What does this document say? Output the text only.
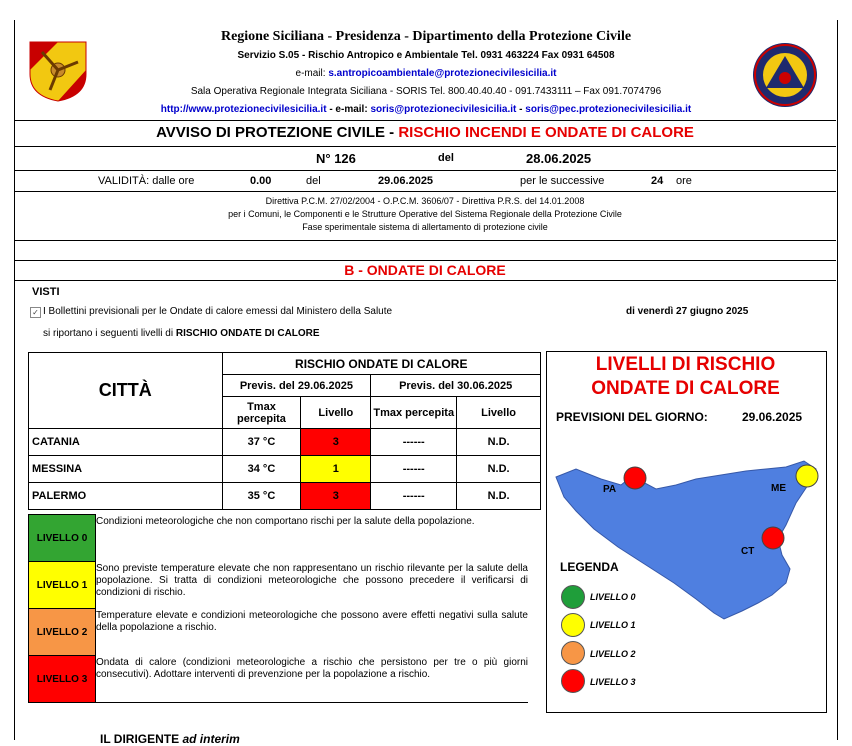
Regione Siciliana - Presidenza - Dipartimento della Protezione Civile
Servizio S.05 - Rischio Antropico e Ambientale Tel. 0931 463224 Fax 0931 64508
e-mail: s.antropicoambientale@protezionecivilesicilia.it
Sala Operativa Regionale Integrata Siciliana - SORIS Tel. 800.40.40.40 - 091.7433111 – Fax 091.7074796
http://www.protezionecivilesicilia.it - e-mail: soris@protezionecivilesicilia.it - soris@pec.protezionecivilesicilia.it
AVVISO DI PROTEZIONE CIVILE - RISCHIO INCENDI E ONDATE DI CALORE
N° 126	del	28.06.2025
VALIDITÀ: dalle ore	0.00	del	29.06.2025	per le successive	24 ore
Direttiva P.C.M. 27/02/2004 - O.P.C.M. 3606/07 - Direttiva P.R.S. del 14.01.2008
per i Comuni, le Componenti e le Strutture Operative del Sistema Regionale della Protezione Civile
Fase sperimentale sistema di allertamento di protezione civile
B - ONDATE DI CALORE
VISTI
✓ I Bollettini previsionali per le Ondate di calore emessi dal Ministero della Salute	di venerdì 27 giugno 2025
si riportano i seguenti livelli di RISCHIO ONDATE DI CALORE
CITTÀ	RISCHIO ONDATE DI CALORE			
	Previs. del 29.06.2025		Previs. del 30.06.2025	
	Tmax percepita	Livello	Tmax percepita	Livello
CATANIA	37 °C	3	------	N.D.
MESSINA	34 °C	1	------	N.D.
PALERMO	35 °C	3	------	N.D.
LIVELLO 0
Condizioni meteorologiche che non comportano rischi per la salute della popolazione.
LIVELLO 1
Sono previste temperature elevate che non rappresentano un rischio rilevante per la salute della popolazione. Si tratta di condizioni meteorologiche che possono precedere il verificarsi di condizioni di rischio.
LIVELLO 2
Temperature elevate e condizioni meteorologiche che possono avere effetti negativi sulla salute della popolazione a rischio.
LIVELLO 3
Ondata di calore (condizioni meteorologiche a rischio che persistono per tre o più giorni consecutivi). Adottare interventi di prevenzione per la popolazione a rischio.
LIVELLI DI RISCHIO
ONDATE DI CALORE
PREVISIONI DEL GIORNO:	29.06.2025
PA	ME
CT
LEGENDA
LIVELLO 0
LIVELLO 1
LIVELLO 2
LIVELLO 3
IL DIRIGENTE ad interim
